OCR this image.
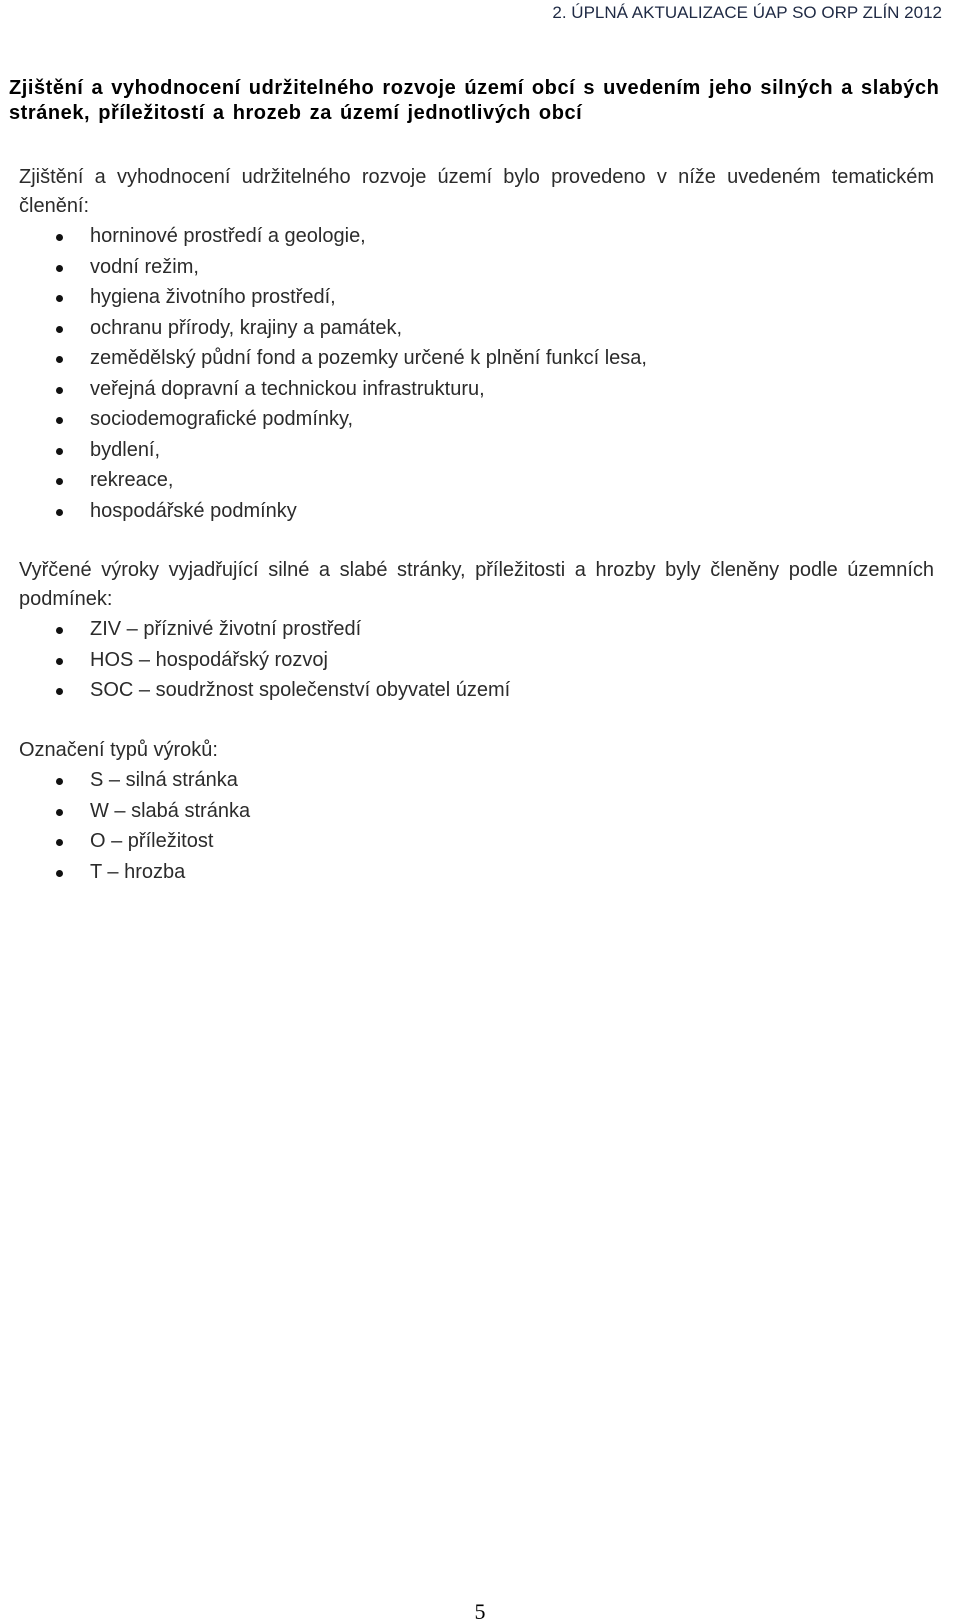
2. ÚPLNÁ AKTUALIZACE ÚAP SO ORP ZLÍN 2012
Zjištění a vyhodnocení udržitelného rozvoje území obcí s uvedením jeho silných a slabých stránek, příležitostí a hrozeb za území jednotlivých obcí

Zjištění a vyhodnocení udržitelného rozvoje území bylo provedeno v níže uvedeném tematickém členění:

horninové prostředí a geologie,
vodní režim,
hygiena životního prostředí,
ochranu přírody, krajiny a památek,
zemědělský půdní fond a pozemky určené k plnění funkcí lesa,
veřejná dopravní a technickou infrastrukturu,
sociodemografické podmínky,
bydlení,
rekreace,
hospodářské podmínky

Vyřčené výroky vyjadřující silné a slabé stránky, příležitosti a hrozby byly členěny podle územních podmínek:

ZIV – příznivé životní prostředí
HOS – hospodářský rozvoj
SOC – soudržnost společenství obyvatel území

Označení typů výroků:

S – silná stránka
W – slabá stránka
O – příležitost
T – hrozba
5
